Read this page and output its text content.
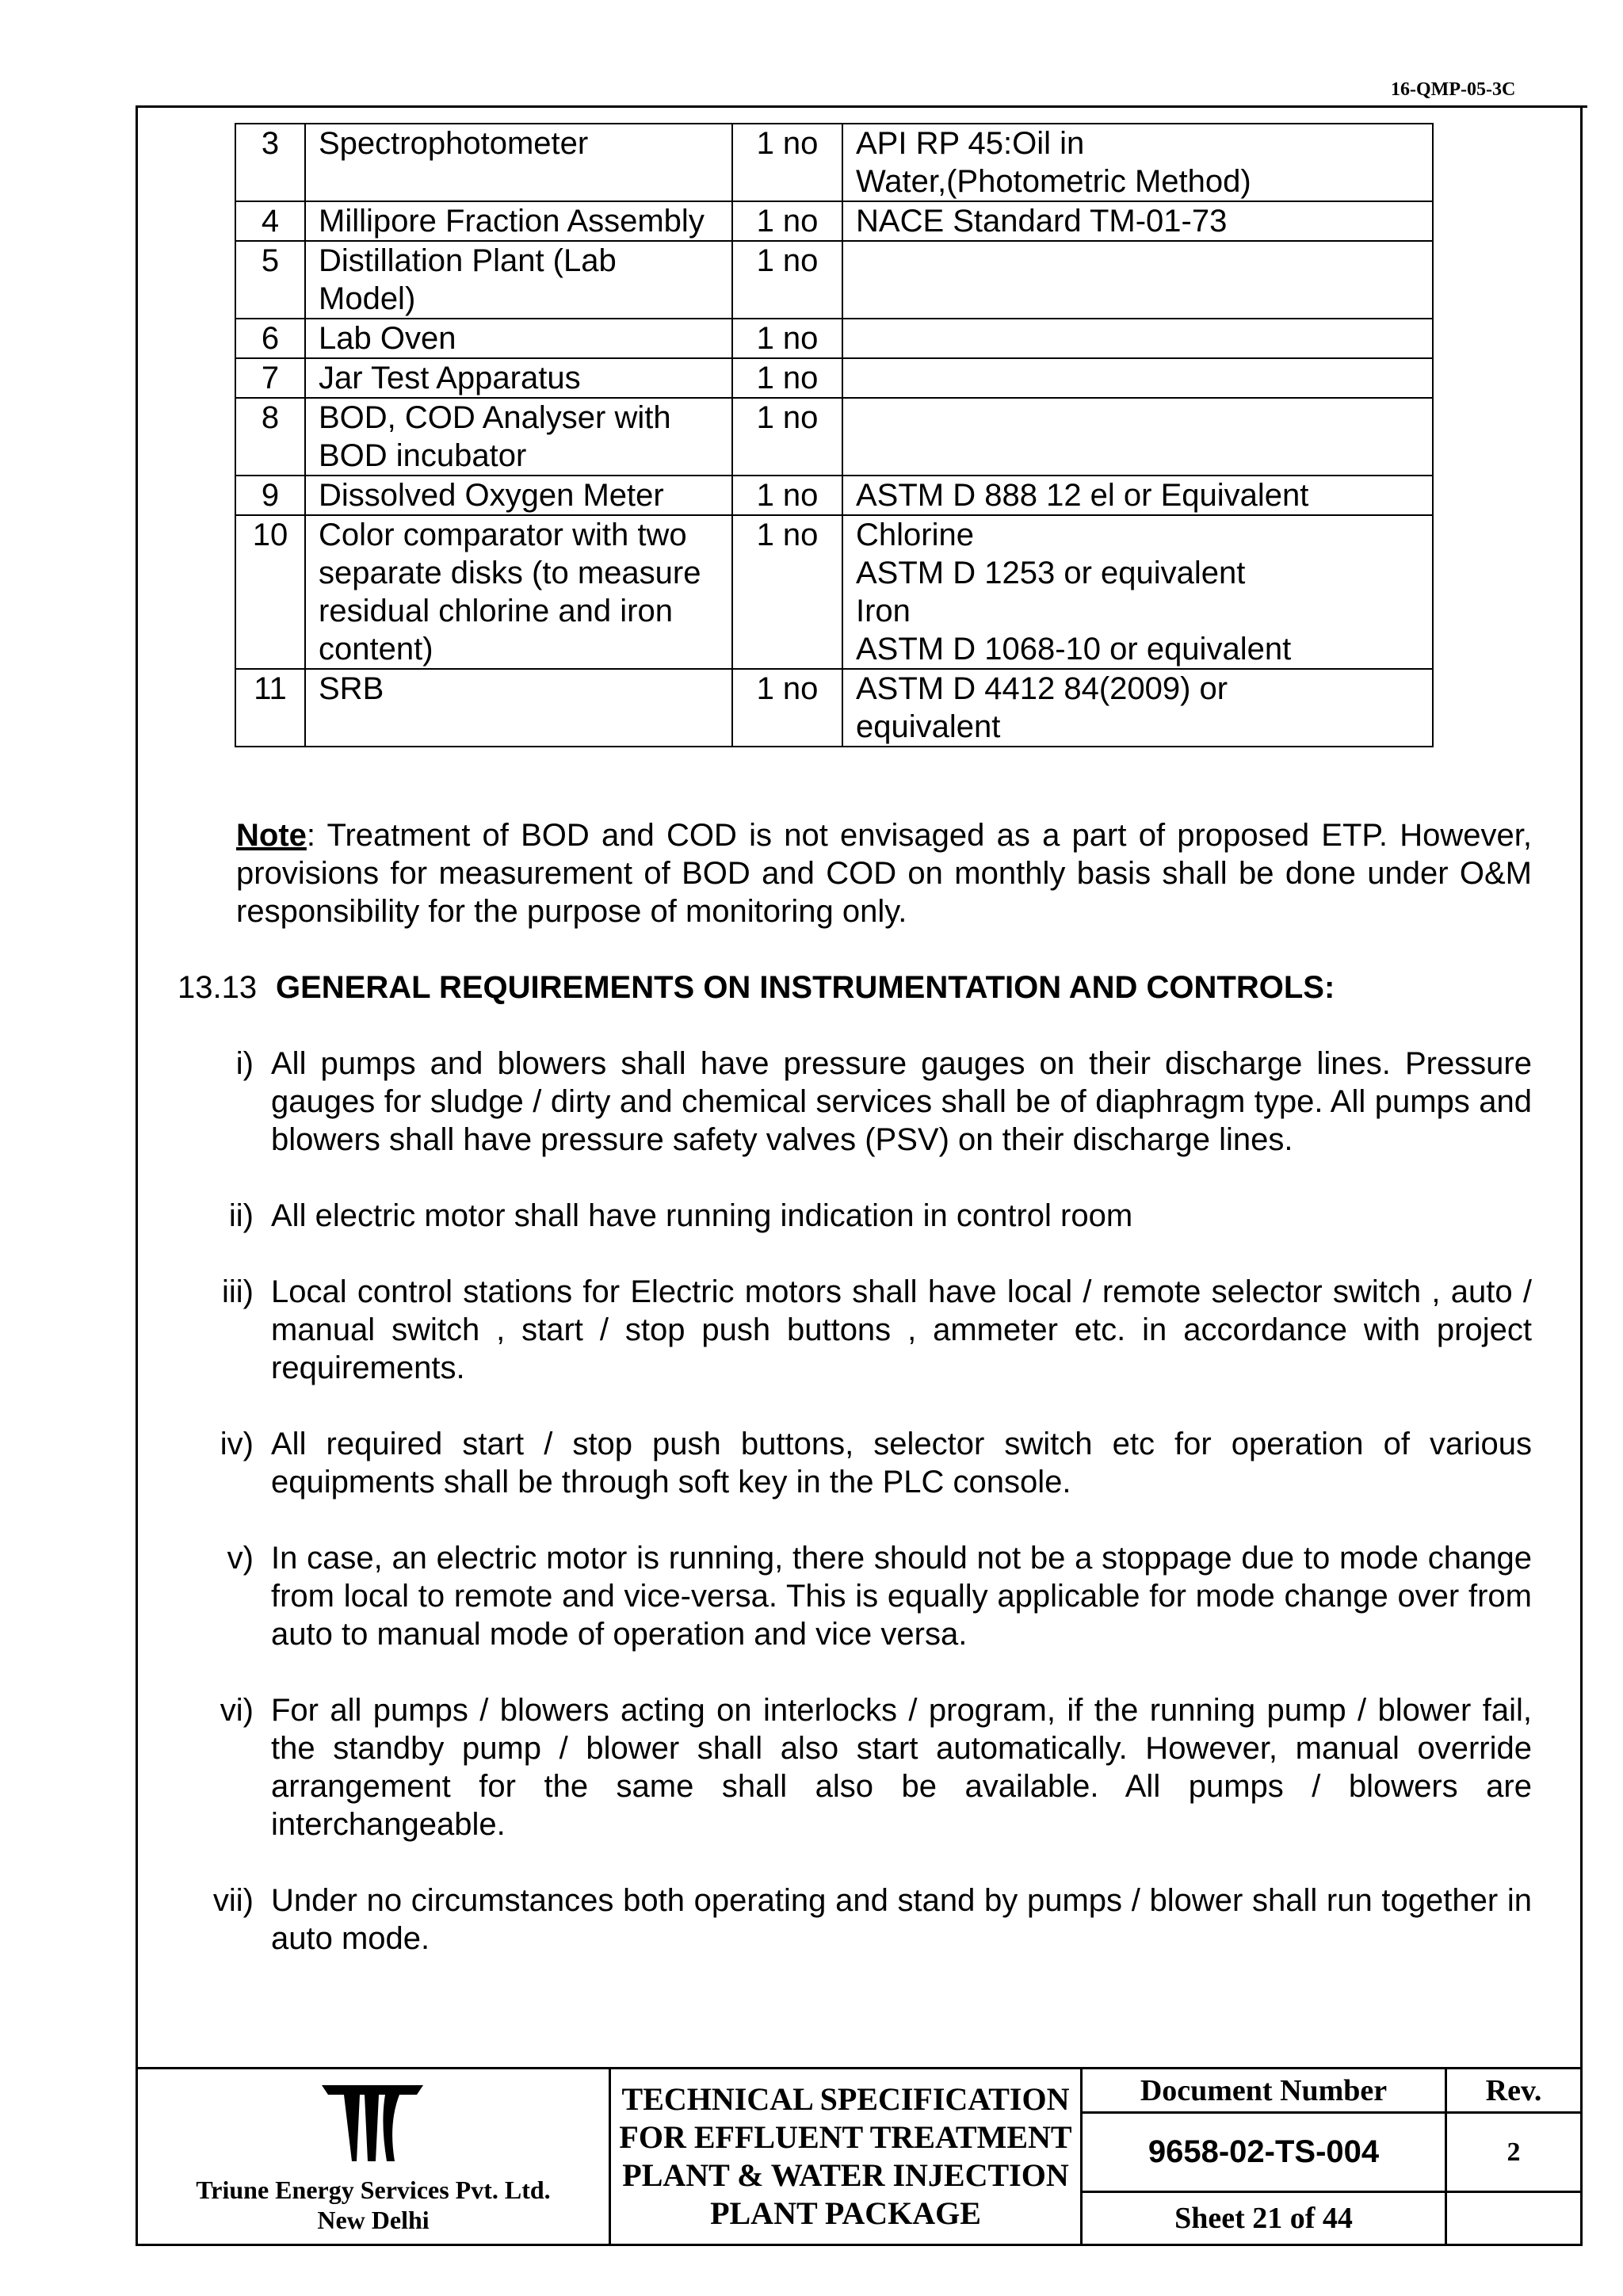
16-QMP-05-3C
3	Spectrophotometer	1 no	API RP 45:Oil in
Water,(Photometric Method)
4	Millipore Fraction Assembly	1 no	NACE Standard TM-01-73
5	Distillation Plant (Lab Model)	1 no	
6	Lab Oven	1 no	
7	Jar Test Apparatus	1 no	
8	BOD, COD Analyser with BOD incubator	1 no	
9	Dissolved Oxygen Meter	1 no	ASTM D 888 12 el or Equivalent
10	Color comparator with two separate disks (to measure residual chlorine and iron content)	1 no	Chlorine
ASTM D 1253 or equivalent
Iron
ASTM D 1068-10 or equivalent
11	SRB	1 no	ASTM D 4412 84(2009) or
equivalent
Note: Treatment of BOD and COD is not envisaged as a part of proposed ETP. However, provisions for measurement of BOD and COD on monthly basis shall be done under O&M responsibility for the purpose of monitoring only.
13.13 GENERAL REQUIREMENTS ON INSTRUMENTATION AND CONTROLS:
i) All pumps and blowers shall have pressure gauges on their discharge lines. Pressure gauges for sludge / dirty and chemical services shall be of diaphragm type. All pumps and blowers shall have pressure safety valves (PSV) on their discharge lines.
ii) All electric motor shall have running indication in control room
iii) Local control stations for Electric motors shall have local / remote selector switch , auto / manual switch , start / stop push buttons , ammeter etc. in accordance with project requirements.
iv) All required start / stop push buttons, selector switch etc for operation of various equipments shall be through soft key in the PLC console.
v) In case, an electric motor is running, there should not be a stoppage due to mode change from local to remote and vice-versa. This is equally applicable for mode change over from auto to manual mode of operation and vice versa.
vi) For all pumps / blowers acting on interlocks / program, if the running pump / blower fail, the standby pump / blower shall also start automatically. However, manual override arrangement for the same shall also be available. All pumps / blowers are interchangeable.
vii) Under no circumstances both operating and stand by pumps / blower shall run together in auto mode.
Triune Energy Services Pvt. Ltd.
New Delhi
TECHNICAL SPECIFICATION
FOR EFFLUENT TREATMENT
PLANT & WATER INJECTION
PLANT PACKAGE
Document Number	Rev.
9658-02-TS-004	2
Sheet 21 of 44
